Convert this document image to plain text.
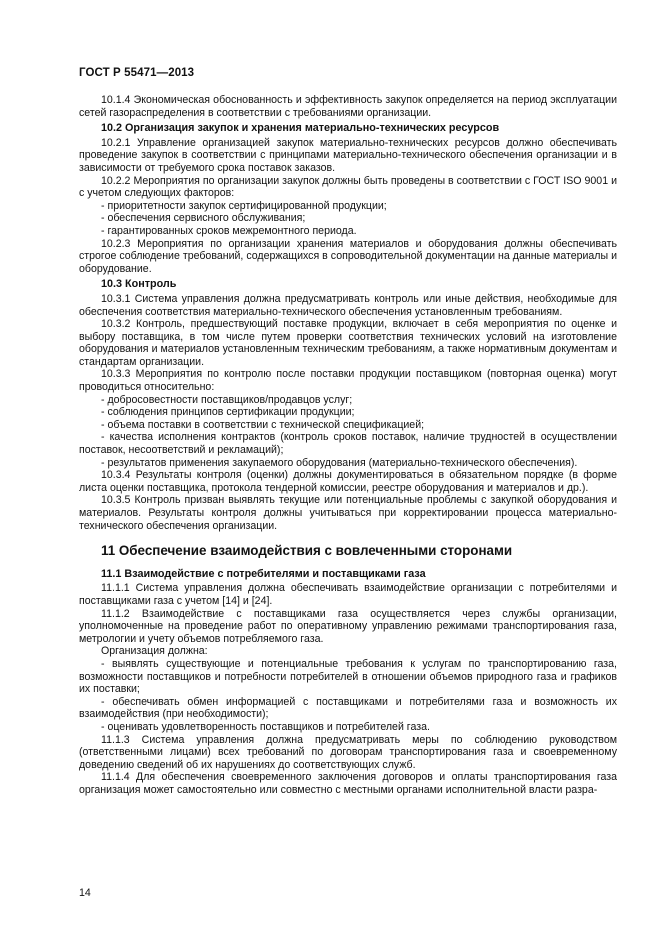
ГОСТ Р 55471—2013

10.1.4 Экономическая обоснованность и эффективность закупок определяется на период эксплуатации сетей газораспределения в соответствии с требованиями организации.

10.2 Организация закупок и хранения материально-технических ресурсов

10.2.1 Управление организацией закупок материально-технических ресурсов должно обеспечивать проведение закупок в соответствии с принципами материально-технического обеспечения организации и в зависимости от требуемого срока поставок заказов.

10.2.2 Мероприятия по организации закупок должны быть проведены в соответствии с ГОСТ ISO 9001 и с учетом следующих факторов:

- приоритетности закупок сертифицированной продукции;

- обеспечения сервисного обслуживания;

- гарантированных сроков межремонтного периода.

10.2.3 Мероприятия по организации хранения материалов и оборудования должны обеспечивать строгое соблюдение требований, содержащихся в сопроводительной документации на данные материалы и оборудование.

10.3 Контроль

10.3.1 Система управления должна предусматривать контроль или иные действия, необходимые для обеспечения соответствия материально-технического обеспечения установленным требованиям.

10.3.2 Контроль, предшествующий поставке продукции, включает в себя мероприятия по оценке и выбору поставщика, в том числе путем проверки соответствия технических условий на изготовление оборудования и материалов установленным техническим требованиям, а также нормативным документам и стандартам организации.

10.3.3 Мероприятия по контролю после поставки продукции поставщиком (повторная оценка) могут проводиться относительно:

- добросовестности поставщиков/продавцов услуг;

- соблюдения принципов сертификации продукции;

- объема поставки в соответствии с технической спецификацией;

- качества исполнения контрактов (контроль сроков поставок, наличие трудностей в осуществлении поставок, несоответствий и рекламаций);

- результатов применения закупаемого оборудования (материально-технического обеспечения).

10.3.4 Результаты контроля (оценки) должны документироваться в обязательном порядке (в форме листа оценки поставщика, протокола тендерной комиссии, реестре оборудования и материалов и др.).

10.3.5 Контроль призван выявлять текущие или потенциальные проблемы с закупкой оборудования и материалов. Результаты контроля должны учитываться при корректировании процесса материально-технического обеспечения организации.

11 Обеспечение взаимодействия с вовлеченными сторонами
11.1 Взаимодействие с потребителями и поставщиками газа

11.1.1 Система управления должна обеспечивать взаимодействие организации с потребителями и поставщиками газа с учетом [14] и [24].

11.1.2 Взаимодействие с поставщиками газа осуществляется через службы организации, уполномоченные на проведение работ по оперативному управлению режимами транспортирования газа, метрологии и учету объемов потребляемого газа.

Организация должна:

- выявлять существующие и потенциальные требования к услугам по транспортированию газа, возможности поставщиков и потребности потребителей в отношении объемов природного газа и графиков их поставки;

- обеспечивать обмен информацией с поставщиками и потребителями газа и возможность их взаимодействия (при необходимости);

- оценивать удовлетворенность поставщиков и потребителей газа.

11.1.3 Система управления должна предусматривать меры по соблюдению руководством (ответственными лицами) всех требований по договорам транспортирования газа и своевременному доведению сведений об их нарушениях до соответствующих служб.

11.1.4 Для обеспечения своевременного заключения договоров и оплаты транспортирования газа организация может самостоятельно или совместно с местными органами исполнительной власти разра-

14
